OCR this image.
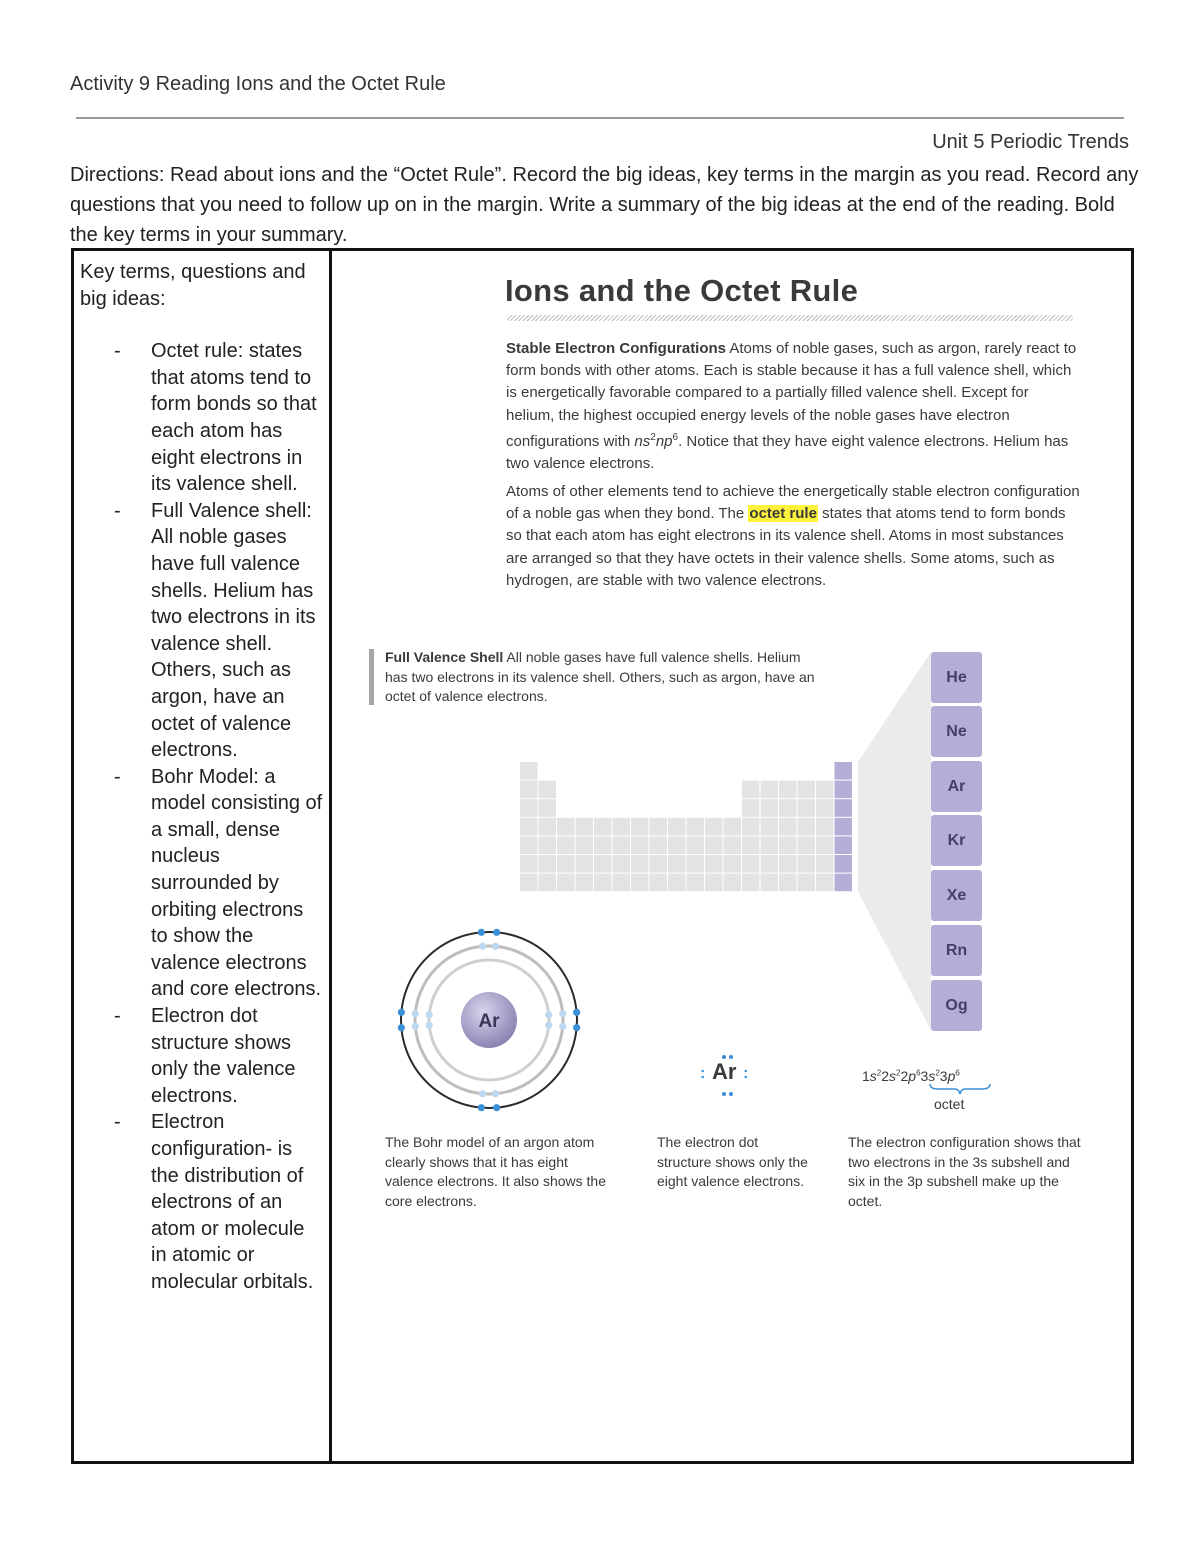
Activity 9 Reading Ions and the Octet Rule
Unit 5 Periodic Trends
Directions: Read about ions and the “Octet Rule”. Record the big ideas, key terms in the margin as you read. Record any questions that you need to follow up on in the margin. Write a summary of the big ideas at the end of the reading. Bold the key terms in your summary.
Key terms, questions and big ideas:
- Octet rule: states that atoms tend to form bonds so that each atom has eight electrons in its valence shell.
- Full Valence shell: All noble gases have full valence shells. Helium has two electrons in its valence shell. Others, such as argon, have an octet of valence electrons.
- Bohr Model: a model consisting of a small, dense nucleus surrounded by orbiting electrons to show the valence electrons and core electrons.
- Electron dot structure shows only the valence electrons.
- Electron configuration- is the distribution of electrons of an atom or molecule in atomic or molecular orbitals.
Ions and the Octet Rule
Stable Electron Configurations Atoms of noble gases, such as argon, rarely react to form bonds with other atoms. Each is stable because it has a full valence shell, which is energetically favorable compared to a partially filled valence shell. Except for helium, the highest occupied energy levels of the noble gases have electron configurations with $ns^2np^6$. Notice that they have eight valence electrons. Helium has two valence electrons.
Atoms of other elements tend to achieve the energetically stable electron configuration of a noble gas when they bond. The octet rule states that atoms tend to form bonds so that each atom has eight electrons in its valence shell. Atoms in most substances are arranged so that they have octets in their valence shells. Some atoms, such as hydrogen, are stable with two valence electrons.
Full Valence Shell All noble gases have full valence shells. Helium has two electrons in its valence shell. Others, such as argon, have an octet of valence electrons.
He
Ne
Ar
Kr
Xe
Rn
Og
Ar
: Ar :	$1s^22s^22p^63s^23p^6$
octet
The Bohr model of an argon atom clearly shows that it has eight valence electrons. It also shows the core electrons.
The electron dot structure shows only the eight valence electrons.
The electron configuration shows that two electrons in the 3s subshell and six in the 3p subshell make up the octet.
